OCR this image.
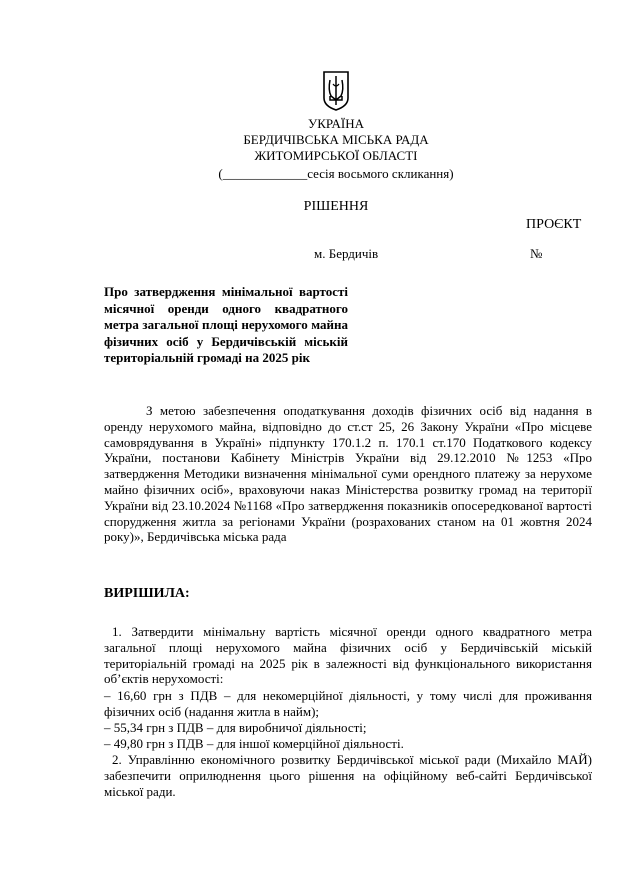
УКРАЇНА
БЕРДИЧІВСЬКА МІСЬКА РАДА
ЖИТОМИРСЬКОЇ ОБЛАСТІ
(_____________сесія восьмого скликання)
РІШЕННЯ
ПРОЄКТ
м. Бердичів	№
Про затвердження мінімальної вартості місячної оренди одного квадратного метра загальної площі нерухомого майна фізичних осіб у Бердичівській міській територіальній громаді на 2025 рік
З метою забезпечення оподаткування доходів фізичних осіб від надання в оренду нерухомого майна, відповідно до ст.ст 25, 26 Закону України «Про місцеве самоврядування в Україні» підпункту 170.1.2 п. 170.1 ст.170 Податкового кодексу України, постанови Кабінету Міністрів України від 29.12.2010 №1253 «Про затвердження Методики визначення мінімальної суми орендного платежу за нерухоме майно фізичних осіб», враховуючи наказ Міністерства розвитку громад на території України від 23.10.2024 №1168 «Про затвердження показників опосередкованої вартості спорудження житла за регіонами України (розрахованих станом на 01 жовтня 2024 року)», Бердичівська міська рада
ВИРІШИЛА:
1. Затвердити мінімальну вартість місячної оренди одного квадратного метра загальної площі нерухомого майна фізичних осіб у Бердичівській міській територіальній громаді на 2025 рік в залежності від функціонального використання об’єктів нерухомості:
– 16,60 грн з ПДВ – для некомерційної діяльності, у тому числі для проживання фізичних осіб (надання житла в найм);
– 55,34 грн з ПДВ – для виробничої діяльності;
– 49,80 грн з ПДВ – для іншої комерційної діяльності.
2. Управлінню економічного розвитку Бердичівської міської ради (Михайло МАЙ) забезпечити оприлюднення цього рішення на офіційному веб-сайті Бердичівської міської ради.
